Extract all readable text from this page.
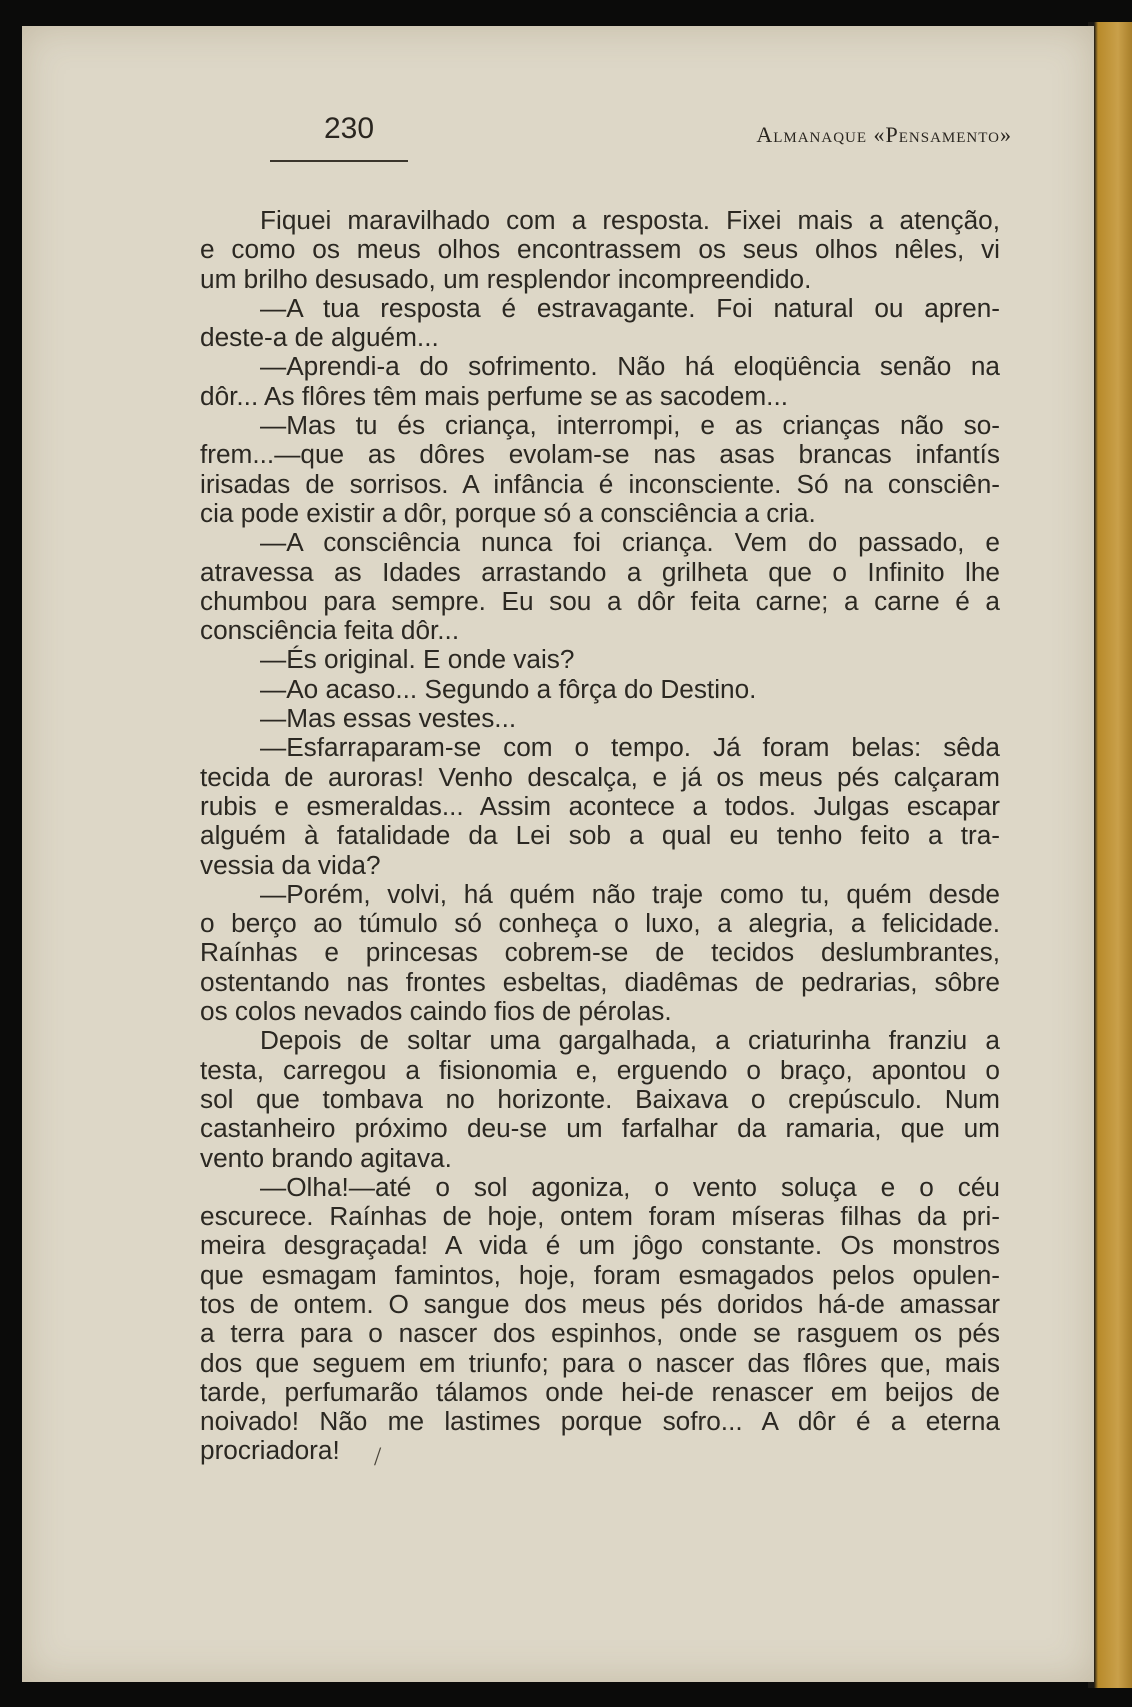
230	Almanaque «Pensamento»
Fiquei maravilhado com a resposta. Fixei mais a atenção,
e como os meus olhos encontrassem os seus olhos nêles, vi
um brilho desusado, um resplendor incompreendido.
—A tua resposta é estravagante. Foi natural ou apren-
deste-a de alguém...
—Aprendi-a do sofrimento. Não há eloqüência senão na
dôr... As flôres têm mais perfume se as sacodem...
—Mas tu és criança, interrompi, e as crianças não so-
frem...—que as dôres evolam-se nas asas brancas infantís
irisadas de sorrisos. A infância é inconsciente. Só na consciên-
cia pode existir a dôr, porque só a consciência a cria.
—A consciência nunca foi criança. Vem do passado, e
atravessa as Idades arrastando a grilheta que o Infinito lhe
chumbou para sempre. Eu sou a dôr feita carne; a carne é a
consciência feita dôr...
—És original. E onde vais?
—Ao acaso... Segundo a fôrça do Destino.
—Mas essas vestes...
—Esfarraparam-se com o tempo. Já foram belas: sêda
tecida de auroras! Venho descalça, e já os meus pés calçaram
rubis e esmeraldas... Assim acontece a todos. Julgas escapar
alguém à fatalidade da Lei sob a qual eu tenho feito a tra-
vessia da vida?
—Porém, volvi, há quém não traje como tu, quém desde
o berço ao túmulo só conheça o luxo, a alegria, a felicidade.
Raínhas e princesas cobrem-se de tecidos deslumbrantes,
ostentando nas frontes esbeltas, diadêmas de pedrarias, sôbre
os colos nevados caindo fios de pérolas.
Depois de soltar uma gargalhada, a criaturinha franziu a
testa, carregou a fisionomia e, erguendo o braço, apontou o
sol que tombava no horizonte. Baixava o crepúsculo. Num
castanheiro próximo deu-se um farfalhar da ramaria, que um
vento brando agitava.
—Olha!—até o sol agoniza, o vento soluça e o céu
escurece. Raínhas de hoje, ontem foram míseras filhas da pri-
meira desgraçada! A vida é um jôgo constante. Os monstros
que esmagam famintos, hoje, foram esmagados pelos opulen-
tos de ontem. O sangue dos meus pés doridos há-de amassar
a terra para o nascer dos espinhos, onde se rasguem os pés
dos que seguem em triunfo; para o nascer das flôres que, mais
tarde, perfumarão tálamos onde hei-de renascer em beijos de
noivado! Não me lastimes porque sofro... A dôr é a eterna
procriadora!	/
